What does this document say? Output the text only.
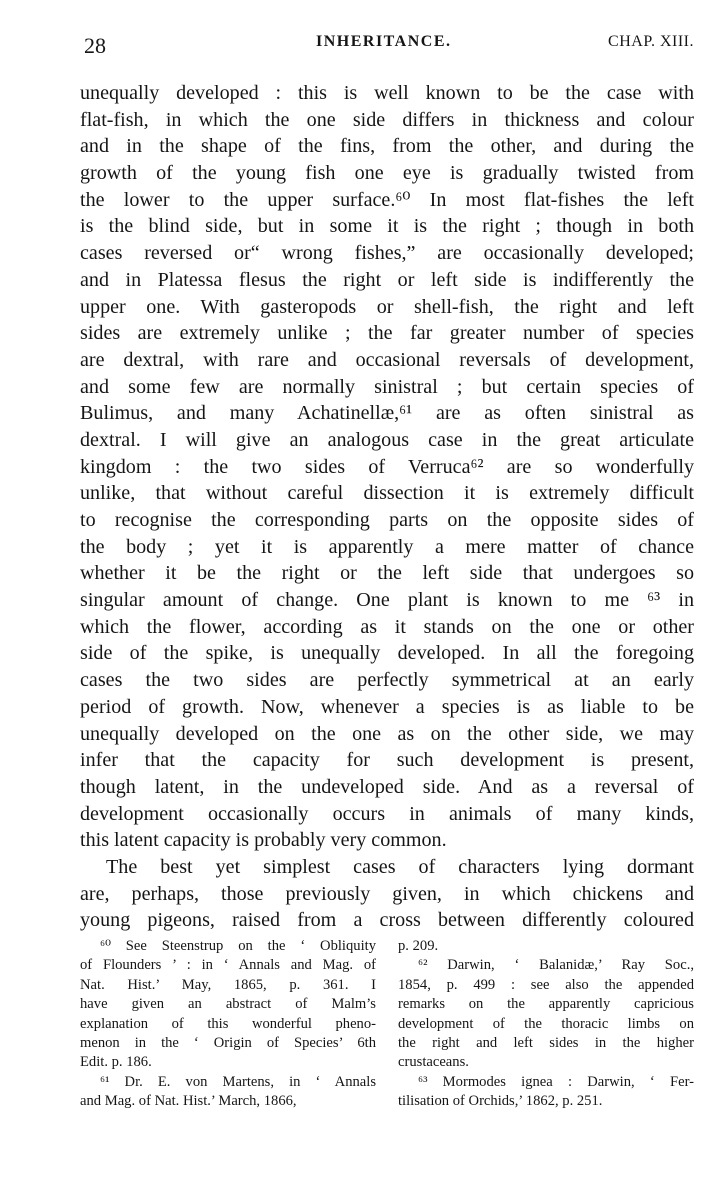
28	INHERITANCE.	CHAP. XIII.
unequally developed : this is well known to be the case with
flat-fish, in which the one side differs in thickness and colour
and in the shape of the fins, from the other, and during the
growth of the young fish one eye is gradually twisted from
the lower to the upper surface.⁶⁰ In most flat-fishes the left
is the blind side, but in some it is the right ; though in both
cases reversed or“ wrong fishes,” are occasionally developed;
and in Platessa flesus the right or left side is indifferently the
upper one. With gasteropods or shell-fish, the right and left
sides are extremely unlike ; the far greater number of species
are dextral, with rare and occasional reversals of development,
and some few are normally sinistral ; but certain species of
Bulimus, and many Achatinellæ,⁶¹ are as often sinistral as
dextral. I will give an analogous case in the great articulate
kingdom : the two sides of Verruca⁶² are so wonderfully
unlike, that without careful dissection it is extremely difficult
to recognise the corresponding parts on the opposite sides of
the body ; yet it is apparently a mere matter of chance
whether it be the right or the left side that undergoes so
singular amount of change. One plant is known to me ⁶³ in
which the flower, according as it stands on the one or other
side of the spike, is unequally developed. In all the foregoing
cases the two sides are perfectly symmetrical at an early
period of growth. Now, whenever a species is as liable to be
unequally developed on the one as on the other side, we may
infer that the capacity for such development is present,
though latent, in the undeveloped side. And as a reversal of
development occasionally occurs in animals of many kinds,
this latent capacity is probably very common.
The best yet simplest cases of characters lying dormant
are, perhaps, those previously given, in which chickens and
young pigeons, raised from a cross between differently coloured
⁶⁰ See Steenstrup on the ‘ Obliquity
of Flounders ’ : in ‘ Annals and Mag. of
Nat. Hist.’ May, 1865, p. 361. I
have given an abstract of Malm’s
explanation of this wonderful pheno-
menon in the ‘ Origin of Species’ 6th
Edit. p. 186.
⁶¹ Dr. E. von Martens, in ‘ Annals
and Mag. of Nat. Hist.’ March, 1866,
p. 209.
⁶² Darwin, ‘ Balanidæ,’ Ray Soc.,
1854, p. 499 : see also the appended
remarks on the apparently capricious
development of the thoracic limbs on
the right and left sides in the higher
crustaceans.
⁶³ Mormodes ignea : Darwin, ‘ Fer-
tilisation of Orchids,’ 1862, p. 251.
